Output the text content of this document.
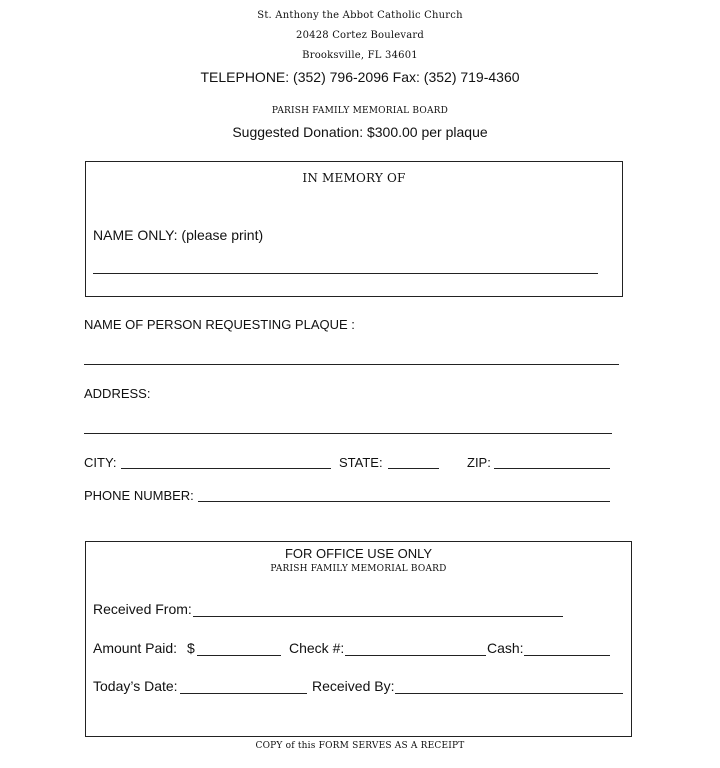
St. Anthony the Abbot Catholic Church
20428 Cortez Boulevard
Brooksville, FL 34601
TELEPHONE: (352) 796-2096 Fax: (352) 719-4360
PARISH FAMILY MEMORIAL BOARD
Suggested Donation: $300.00 per plaque
IN MEMORY OF
NAME ONLY: (please print)
NAME OF PERSON REQUESTING PLAQUE :
ADDRESS:
CITY:	STATE:	ZIP:
PHONE NUMBER:
FOR OFFICE USE ONLY
PARISH FAMILY MEMORIAL BOARD
Received From:
Amount Paid: $	Check #:	Cash:
Today’s Date:	Received By:
COPY of this FORM SERVES AS A RECEIPT
